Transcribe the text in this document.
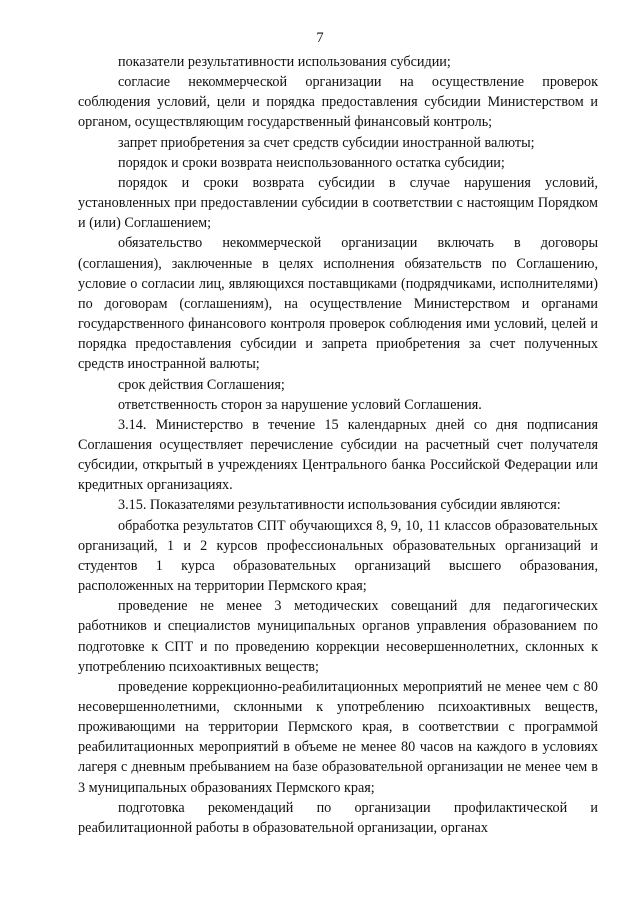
7

показатели результативности использования субсидии;

согласие некоммерческой организации на осуществление проверок соблюдения условий, цели и порядка предоставления субсидии Министерством и органом, осуществляющим государственный финансовый контроль;

запрет приобретения за счет средств субсидии иностранной валюты;

порядок и сроки возврата неиспользованного остатка субсидии;

порядок и сроки возврата субсидии в случае нарушения условий, установленных при предоставлении субсидии в соответствии с настоящим Порядком и (или) Соглашением;

обязательство некоммерческой организации включать в договоры (соглашения), заключенные в целях исполнения обязательств по Соглашению, условие о согласии лиц, являющихся поставщиками (подрядчиками, исполнителями) по договорам (соглашениям), на осуществление Министерством и органами государственного финансового контроля проверок соблюдения ими условий, целей и порядка предоставления субсидии и запрета приобретения за счет полученных средств иностранной валюты;

срок действия Соглашения;

ответственность сторон за нарушение условий Соглашения.

3.14. Министерство в течение 15 календарных дней со дня подписания Соглашения осуществляет перечисление субсидии на расчетный счет получателя субсидии, открытый в учреждениях Центрального банка Российской Федерации или кредитных организациях.

3.15. Показателями результативности использования субсидии являются:

обработка результатов СПТ обучающихся 8, 9, 10, 11 классов образовательных организаций, 1 и 2 курсов профессиональных образовательных организаций и студентов 1 курса образовательных организаций высшего образования, расположенных на территории Пермского края;

проведение не менее 3 методических совещаний для педагогических работников и специалистов муниципальных органов управления образованием по подготовке к СПТ и по проведению коррекции несовершеннолетних, склонных к употреблению психоактивных веществ;

проведение коррекционно-реабилитационных мероприятий не менее чем с 80 несовершеннолетними, склонными к употреблению психоактивных веществ, проживающими на территории Пермского края, в соответствии с программой реабилитационных мероприятий в объеме не менее 80 часов на каждого в условиях лагеря с дневным пребыванием на базе образовательной организации не менее чем в 3 муниципальных образованиях Пермского края;

подготовка рекомендаций по организации профилактической и реабилитационной работы в образовательной организации, органах
